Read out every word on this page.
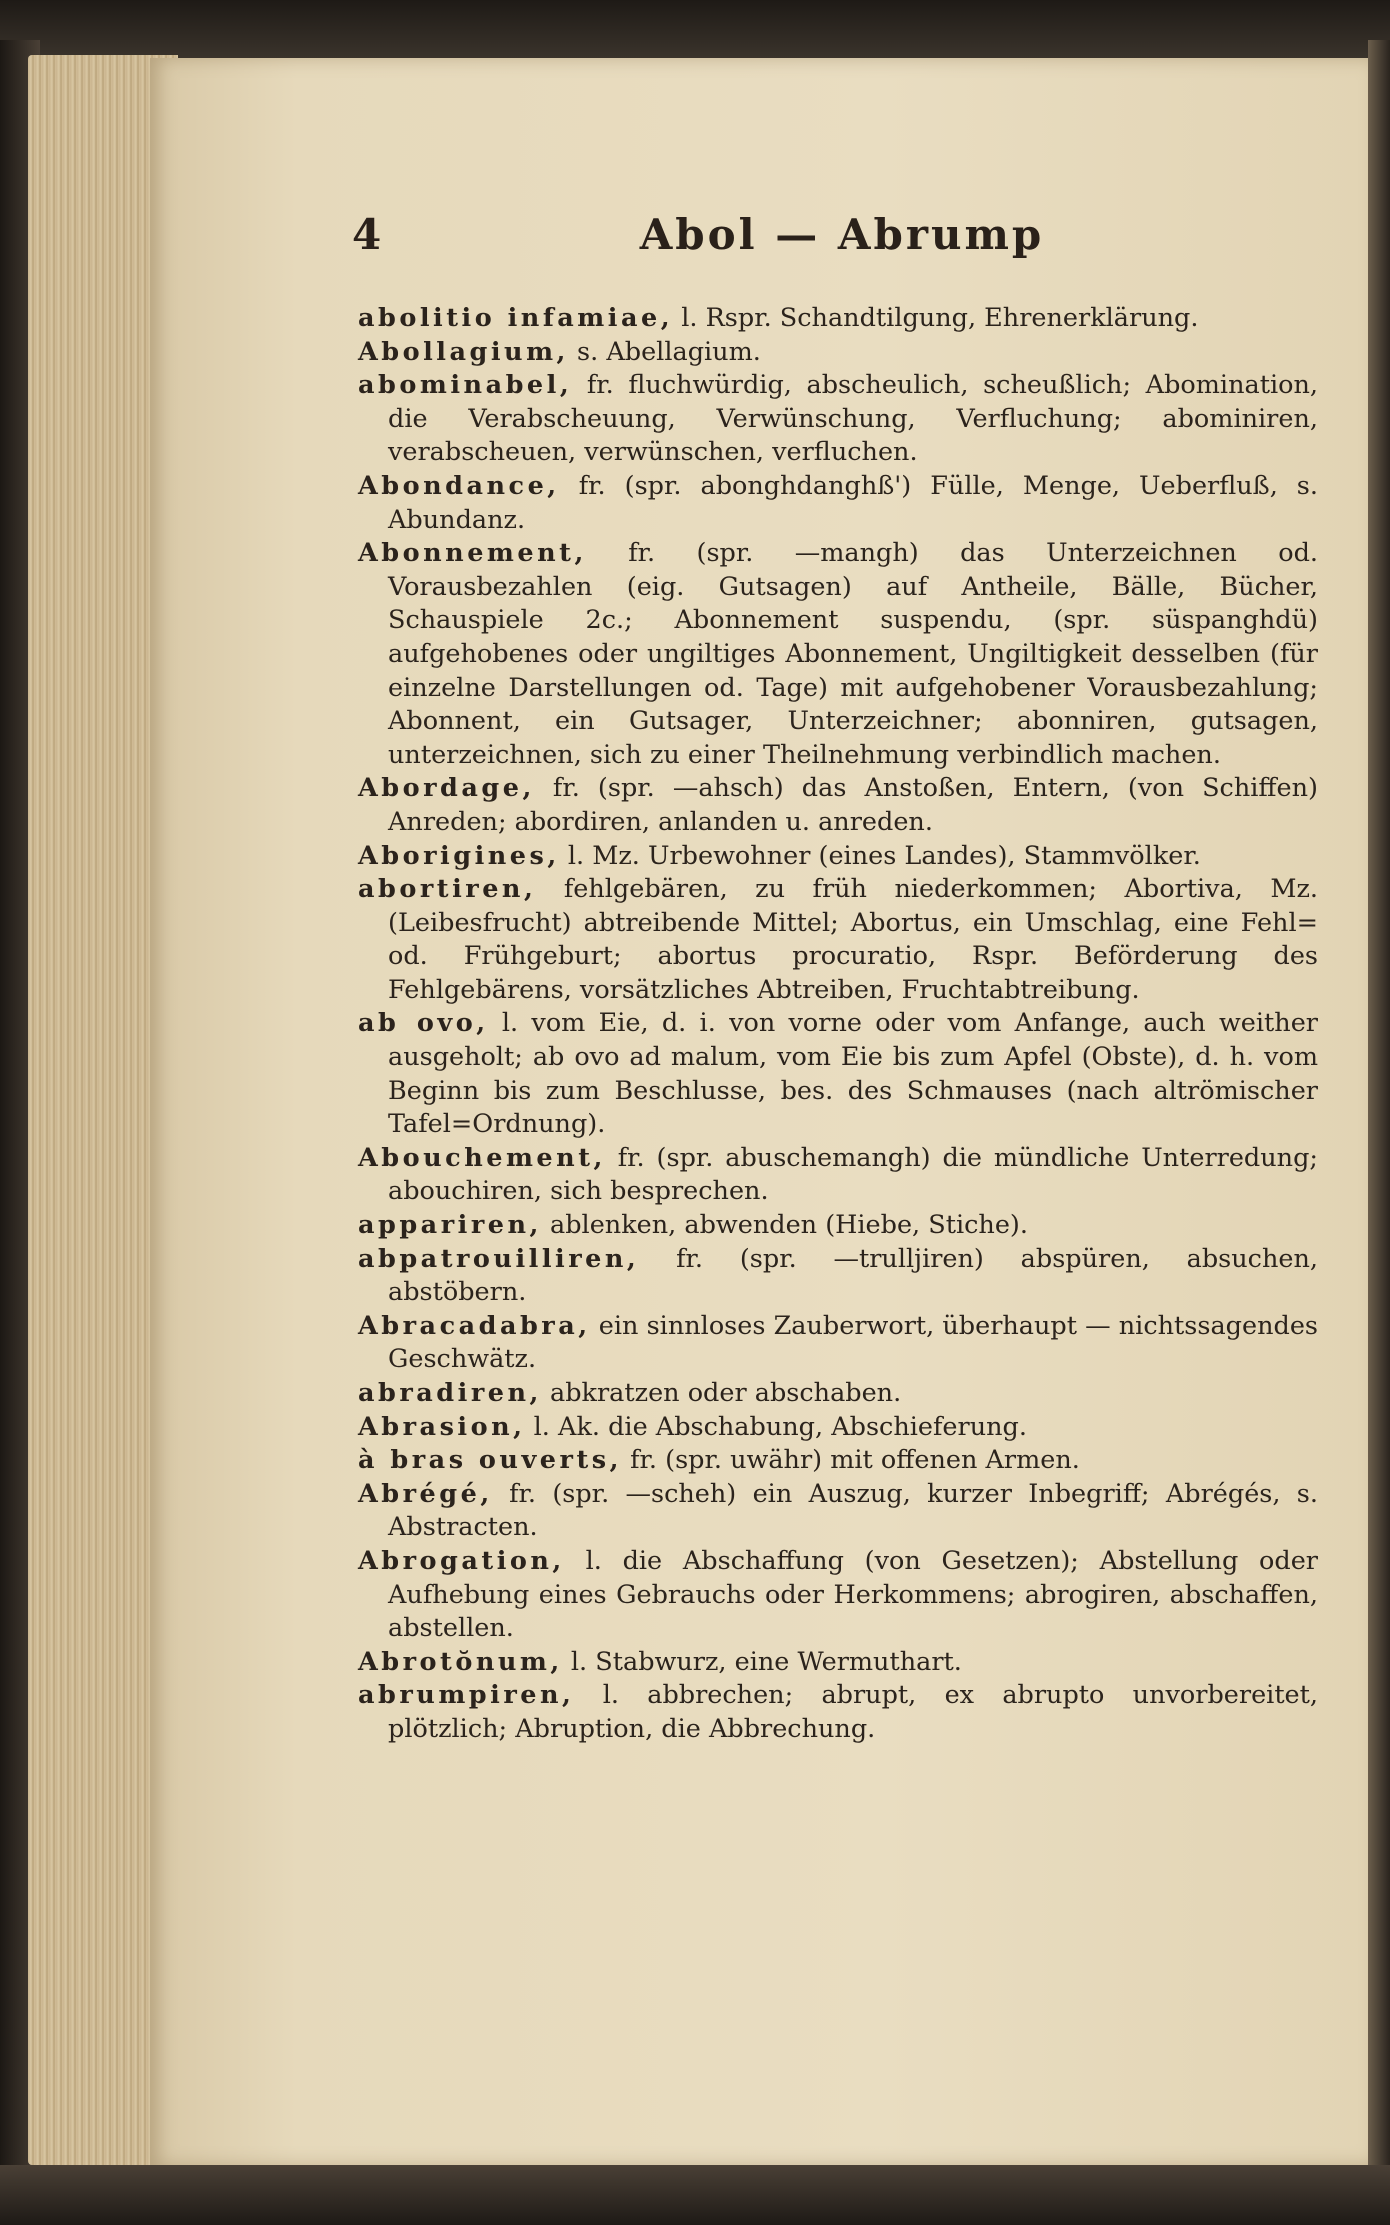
4	Abol — Abrump

abolitio infamiae, l. Rspr. Schandtilgung, Ehrenerklärung.

Abollagium, s. Abellagium.

abominabel, fr. fluchwürdig, abscheulich, scheußlich; Abomination, die Verabscheuung, Verwünschung, Verfluchung; abominiren, verabscheuen, verwünschen, verfluchen.

Abondance, fr. (spr. abonghdanghß') Fülle, Menge, Ueberfluß, s. Abundanz.

Abonnement, fr. (spr. —mangh) das Unterzeichnen od. Vorausbezahlen (eig. Gutsagen) auf Antheile, Bälle, Bücher, Schauspiele 2c.; Abonnement suspendu, (spr. süspanghdü) aufgehobenes oder ungiltiges Abonnement, Ungiltigkeit desselben (für einzelne Darstellungen od. Tage) mit aufgehobener Vorausbezahlung; Abonnent, ein Gutsager, Unterzeichner; abonniren, gutsagen, unterzeichnen, sich zu einer Theilnehmung verbindlich machen.

Abordage, fr. (spr. —ahsch) das Anstoßen, Entern, (von Schiffen) Anreden; abordiren, anlanden u. anreden.

Aborigines, l. Mz. Urbewohner (eines Landes), Stammvölker.

abortiren, fehlgebären, zu früh niederkommen; Abortiva, Mz. (Leibesfrucht) abtreibende Mittel; Abortus, ein Umschlag, eine Fehl= od. Frühgeburt; abortus procuratio, Rspr. Beförderung des Fehlgebärens, vorsätzliches Abtreiben, Fruchtabtreibung.

ab ovo, l. vom Eie, d. i. von vorne oder vom Anfange, auch weither ausgeholt; ab ovo ad malum, vom Eie bis zum Apfel (Obste), d. h. vom Beginn bis zum Beschlusse, bes. des Schmauses (nach altrömischer Tafel=Ordnung).

Abouchement, fr. (spr. abuschemangh) die mündliche Unterredung; abouchiren, sich besprechen.

appariren, ablenken, abwenden (Hiebe, Stiche).

abpatrouilliren, fr. (spr. —trulljiren) abspüren, absuchen, abstöbern.

Abracadabra, ein sinnloses Zauberwort, überhaupt — nichtssagendes Geschwätz.

abradiren, abkratzen oder abschaben.

Abrasion, l. Ak. die Abschabung, Abschieferung.

à bras ouverts, fr. (spr. uwähr) mit offenen Armen.

Abrégé, fr. (spr. —scheh) ein Auszug, kurzer Inbegriff; Abrégés, s. Abstracten.

Abrogation, l. die Abschaffung (von Gesetzen); Abstellung oder Aufhebung eines Gebrauchs oder Herkommens; abrogiren, abschaffen, abstellen.

Abrotŏnum, l. Stabwurz, eine Wermuthart.

abrumpiren, l. abbrechen; abrupt, ex abrupto unvorbereitet, plötzlich; Abruption, die Abbrechung.
